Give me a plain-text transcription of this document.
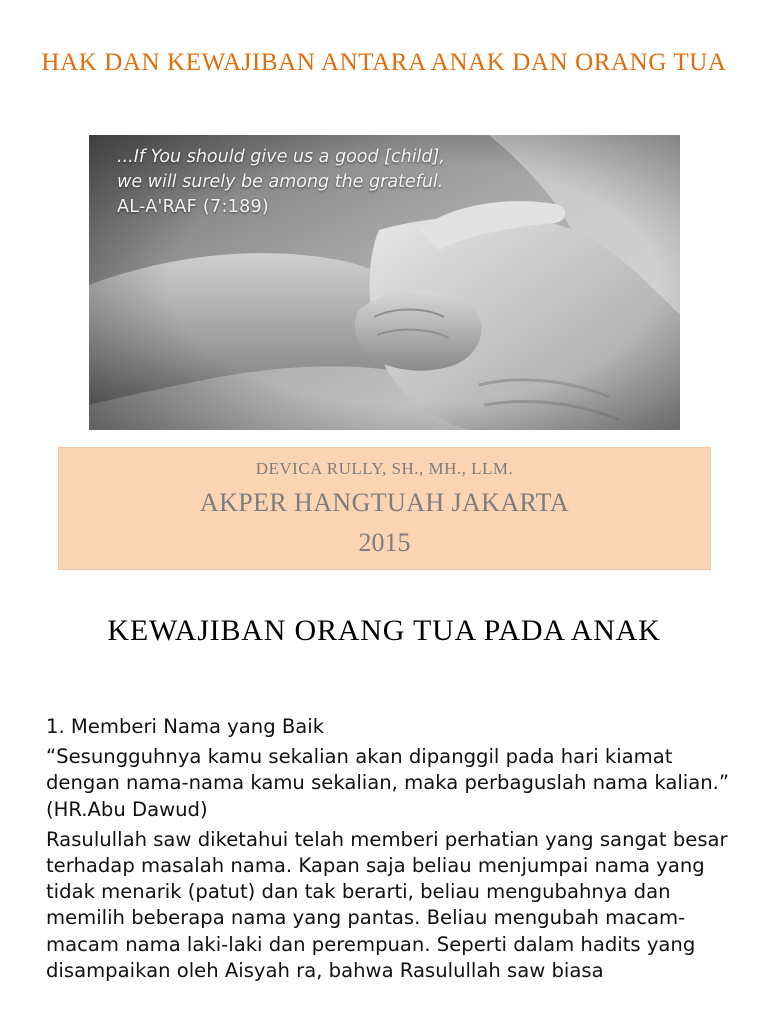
HAK DAN KEWAJIBAN ANTARA ANAK DAN ORANG TUA
...If You should give us a good [child],
we will surely be among the grateful.
AL-A'RAF (7:189)
DEVICA RULLY, SH., MH., LLM.
AKPER HANGTUAH JAKARTA
2015
KEWAJIBAN ORANG TUA PADA ANAK

1. Memberi Nama yang Baik

“Sesungguhnya kamu sekalian akan dipanggil pada hari kiamat dengan nama-nama kamu sekalian, maka perbaguslah nama kalian.” (HR.Abu Dawud)

Rasulullah saw diketahui telah memberi perhatian yang sangat besar terhadap masalah nama. Kapan saja beliau menjumpai nama yang tidak menarik (patut) dan tak berarti, beliau mengubahnya dan memilih beberapa nama yang pantas. Beliau mengubah macam-macam nama laki-laki dan perempuan. Seperti dalam hadits yang disampaikan oleh Aisyah ra, bahwa Rasulullah saw biasa
